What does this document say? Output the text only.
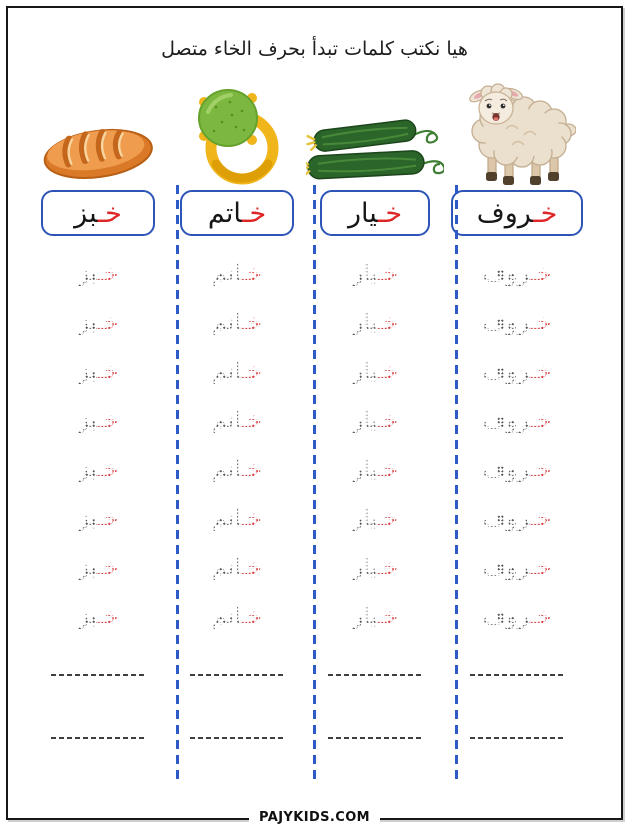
هيا نكتب كلمات تبدأ بحرف الخاء متصل
خـ‍
‍بز
خـ‍
‍بز
خـ‍
‍بز
خـ‍
‍بز
خـ‍
‍بز
خـ‍
‍بز
خـ‍
‍بز
خـ‍
‍بز
خـ‍
‍بز
خـ‍
‍اتم
خـ‍
‍اتم
خـ‍
‍اتم
خـ‍
‍اتم
خـ‍
‍اتم
خـ‍
‍اتم
خـ‍
‍اتم
خـ‍
‍اتم
خـ‍
‍اتم
خـ‍
‍يار
خـ‍
‍يار
خـ‍
‍يار
خـ‍
‍يار
خـ‍
‍يار
خـ‍
‍يار
خـ‍
‍يار
خـ‍
‍يار
خـ‍
‍يار
خـ‍
‍روف
خـ‍
‍روف
خـ‍
‍روف
خـ‍
‍روف
خـ‍
‍روف
خـ‍
‍روف
خـ‍
‍روف
خـ‍
‍روف
خـ‍
‍روف
PAJYKIDS.COM
